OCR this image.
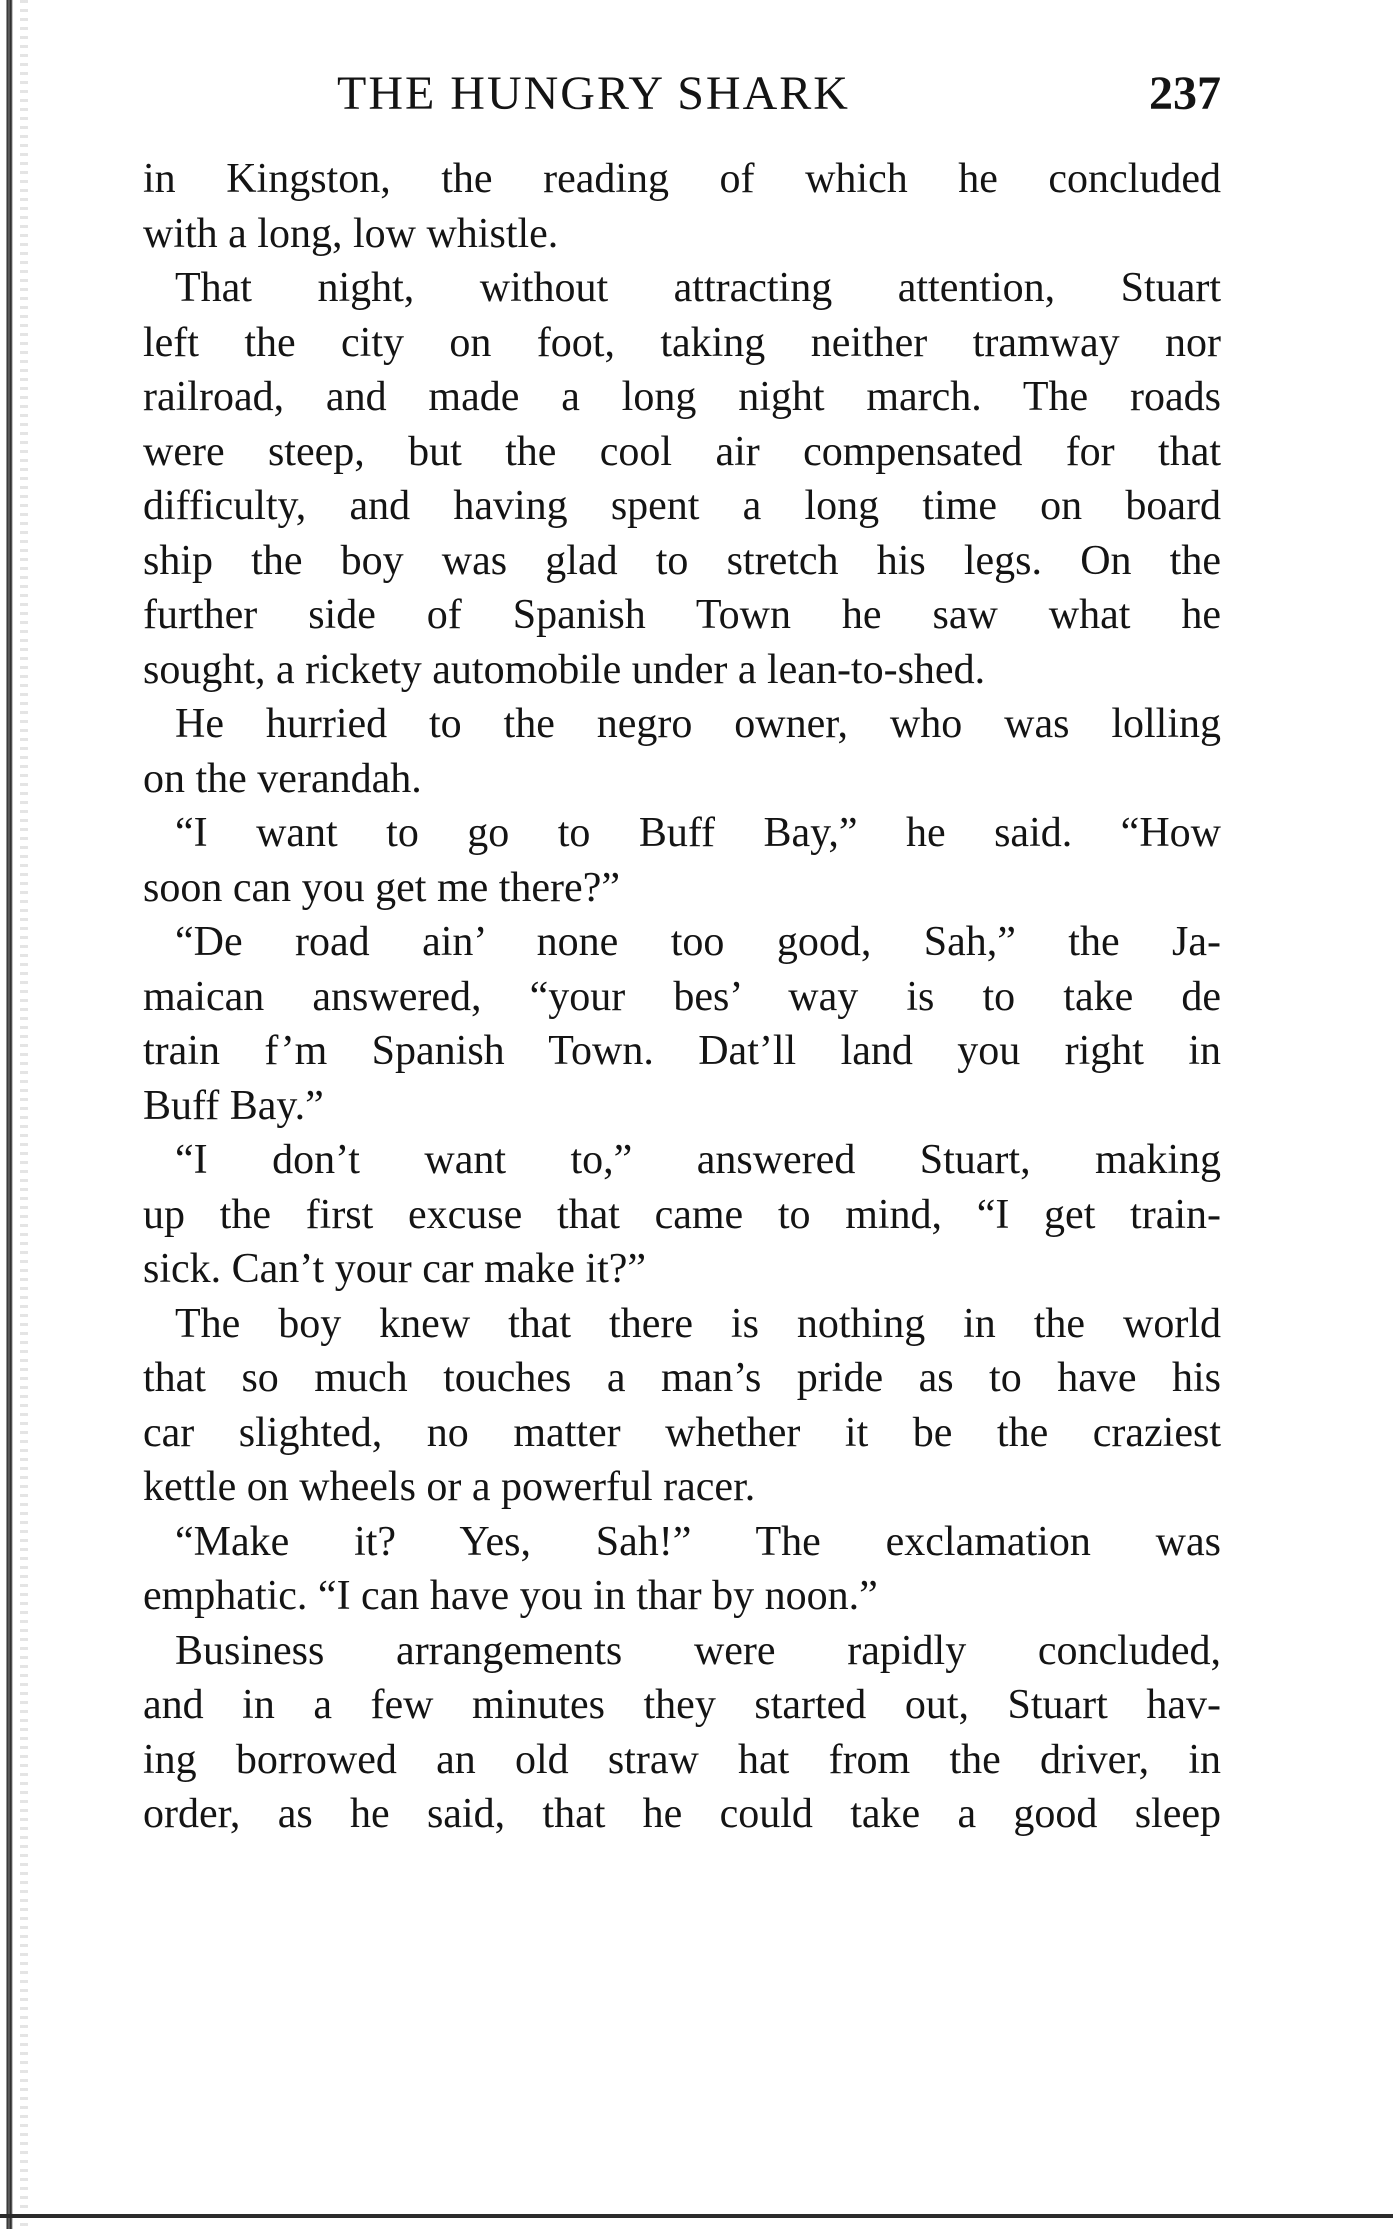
THE HUNGRY SHARK	237
in Kingston, the reading of which he concluded
with a long, low whistle.
That night, without attracting attention, Stuart
left the city on foot, taking neither tramway nor
railroad, and made a long night march. The roads
were steep, but the cool air compensated for that
difficulty, and having spent a long time on board
ship the boy was glad to stretch his legs. On the
further side of Spanish Town he saw what he
sought, a rickety automobile under a lean-to-shed.
He hurried to the negro owner, who was lolling
on the verandah.
“I want to go to Buff Bay,” he said. “How
soon can you get me there?”
“De road ain’ none too good, Sah,” the Ja-
maican answered, “your bes’ way is to take de
train f’m Spanish Town. Dat’ll land you right in
Buff Bay.”
“I don’t want to,” answered Stuart, making
up the first excuse that came to mind, “I get train-
sick. Can’t your car make it?”
The boy knew that there is nothing in the world
that so much touches a man’s pride as to have his
car slighted, no matter whether it be the craziest
kettle on wheels or a powerful racer.
“Make it? Yes, Sah!” The exclamation was
emphatic. “I can have you in thar by noon.”
Business arrangements were rapidly concluded,
and in a few minutes they started out, Stuart hav-
ing borrowed an old straw hat from the driver, in
order, as he said, that he could take a good sleep
